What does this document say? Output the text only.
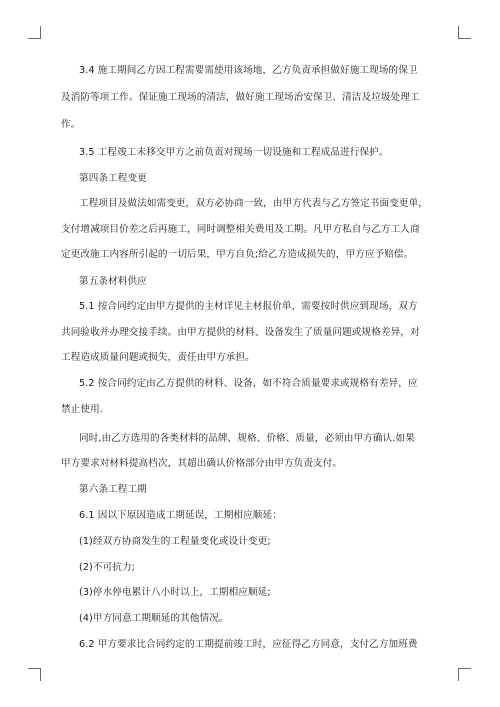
3.4 施工期间乙方因工程需要需使用该场地，乙方负责承担做好施工现场的保卫
及消防等项工作。保证施工现场的清洁，做好施工现场治安保卫、清洁及垃圾处理工
作。
3.5 工程竣工未移交甲方之前负责对现场一切设施和工程成品进行保护。
第四条工程变更
工程项目及做法如需变更，双方必协商一致，由甲方代表与乙方签定书面变更单，
支付增减项目价差之后再施工，同时调整相关费用及工期。凡甲方私自与乙方工人商
定更改施工内容所引起的一切后果，甲方自负;给乙方造成损失的，甲方应予赔偿。
第五条材料供应
5.1 按合同约定由甲方提供的主材详见主材报价单，需要按时供应到现场，双方
共同验收并办理交接手续。由甲方提供的材料、设备发生了质量问题或规格差异，对
工程造成质量问题或损失，责任由甲方承担。
5.2 按合同约定由乙方提供的材料、设备，如不符合质量要求或规格有差异，应
禁止使用.
同时,由乙方选用的各类材料的品牌、规格、价格、质量，必须由甲方确认.如果
甲方要求对材料提高档次，其超出确认价格部分由甲方负责支付。
第六条工程工期
6.1 因以下原因造成工期延误，工期相应顺延：
(1)经双方协商发生的工程量变化或设计变更;
(2)不可抗力;
(3)停水停电累计八小时以上，工期相应顺延;
(4)甲方同意工期顺延的其他情况。
6.2 甲方要求比合同约定的工期提前竣工时，应征得乙方同意，支付乙方加班费
